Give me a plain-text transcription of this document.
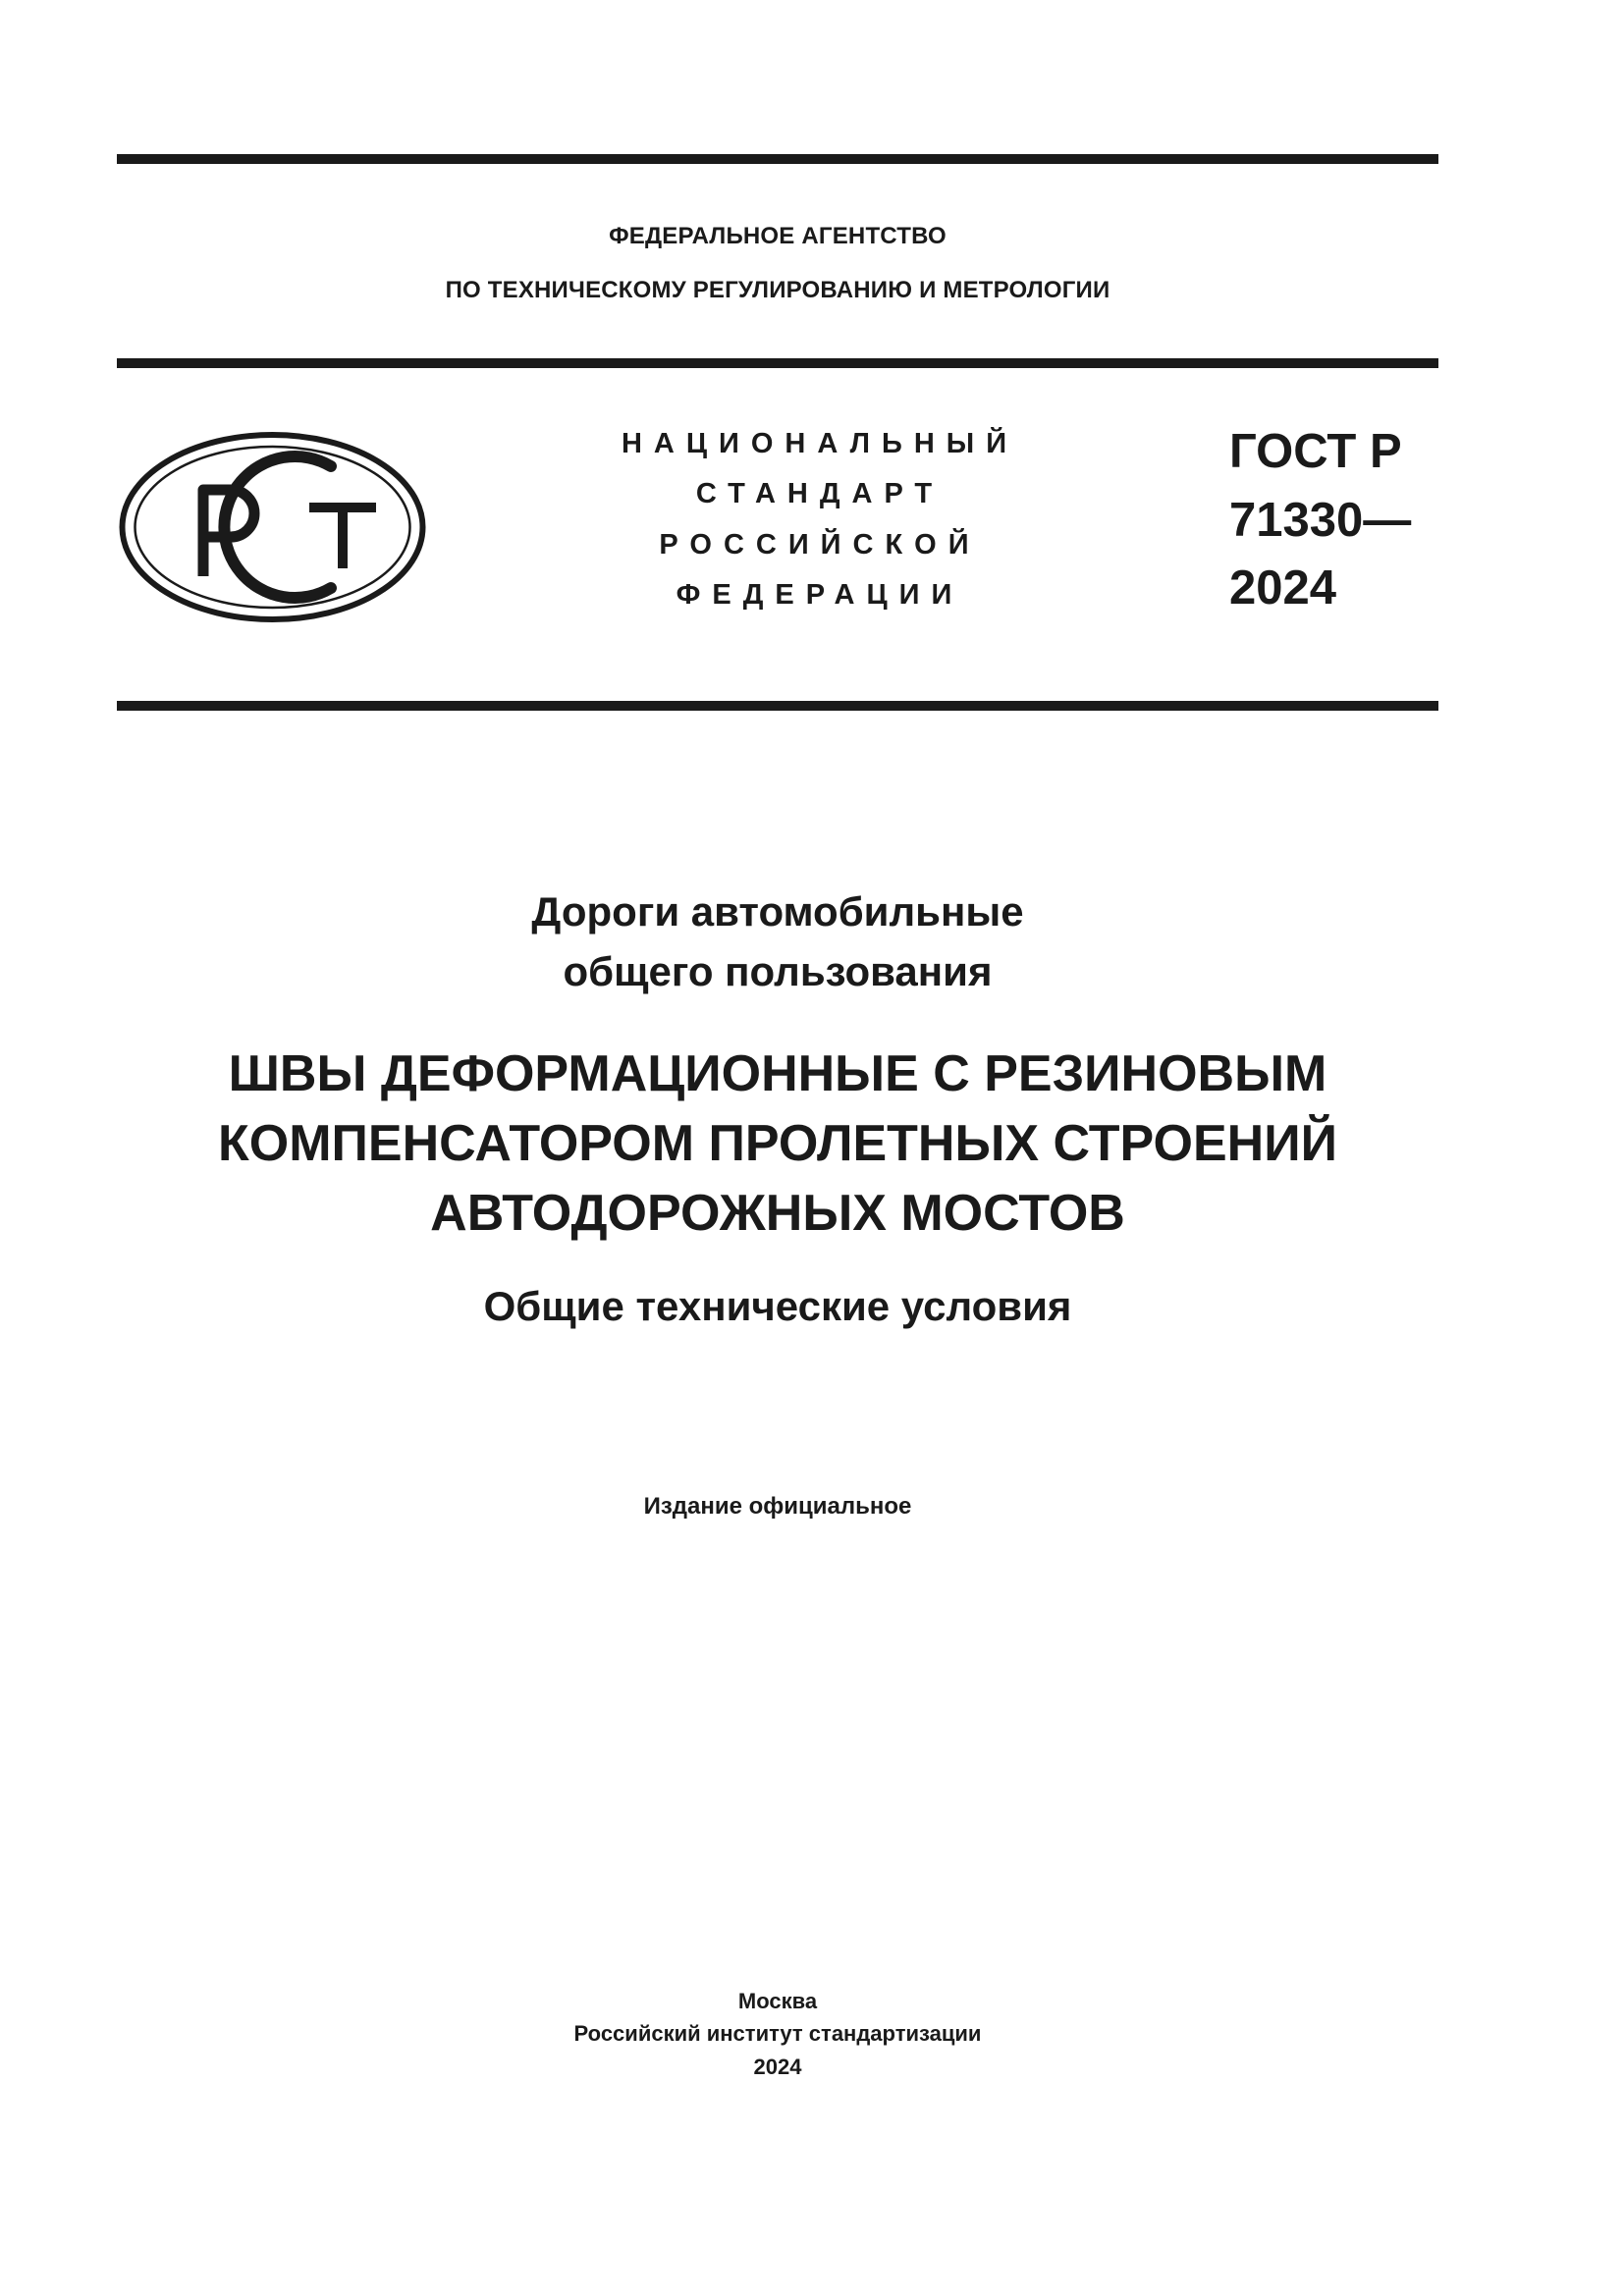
ФЕДЕРАЛЬНОЕ АГЕНТСТВО
ПО ТЕХНИЧЕСКОМУ РЕГУЛИРОВАНИЮ И МЕТРОЛОГИИ
НАЦИОНАЛЬНЫЙ
СТАНДАРТ
РОССИЙСКОЙ
ФЕДЕРАЦИИ
ГОСТ Р
71330—
2024
Дороги автомобильные
общего пользования
ШВЫ ДЕФОРМАЦИОННЫЕ С РЕЗИНОВЫМ
КОМПЕНСАТОРОМ ПРОЛЕТНЫХ СТРОЕНИЙ
АВТОДОРОЖНЫХ МОСТОВ
Общие технические условия
Издание официальное
Москва
Российский институт стандартизации
2024
